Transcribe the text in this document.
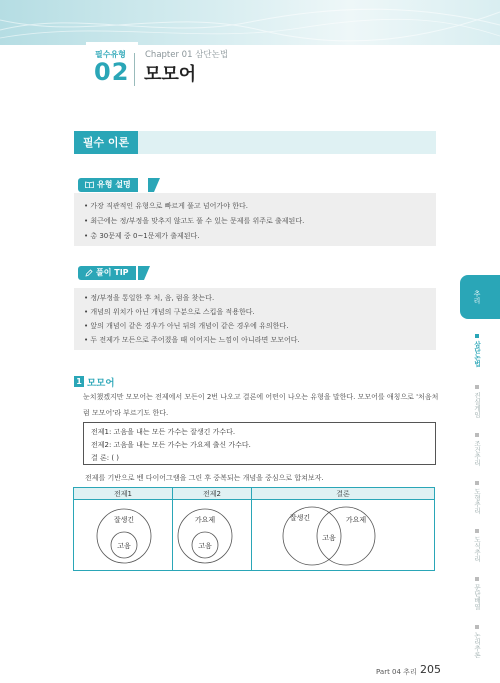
필수유형
02
Chapter 01 삼단논법
모모어
필수 이론
유형 설명
• 가장 직관적인 유형으로 빠르게 풀고 넘어가야 한다.
• 최근에는 정/부정을 맞추지 않고도 풀 수 있는 문제를 위주로 출제된다.
• 총 30문제 중 0~1문제가 출제된다.
풀이 TIP
• 정/부정을 통일한 후 처, 음, 럼을 찾는다.
• 개념의 위치가 아닌 개념의 구분으로 스킵을 적용한다.
• 앞의 개념이 같은 경우가 아닌 뒤의 개념이 같은 경우에 유의한다.
• 두 전제가 모든으로 주어졌을 때 이어지는 느낌이 아니라면 모모어다.
1 모모어
눈치챘겠지만 모모어는 전제에서 모든이 2번 나오고 결론에 어떤이 나오는 유형을 말한다. 모모어를 애칭으로 '처음처
럼 모모어'라 부르기도 한다.
전제1: 고음을 내는 모든 가수는 잘생긴 가수다.
전제2: 고음을 내는 모든 가수는 가요제 출신 가수다.
결 론: ( )
전제를 기반으로 벤 다이어그램을 그린 후 중복되는 개념을 중심으로 합쳐보자.
전제1	전제2	결론
잘생긴
고음
가요제
고음
잘생긴	가요제
고음
추리
삼단논법
진실게임
조건추리
도형추리
도식추리
문단배열
논리추론
Part 04 추리 205
